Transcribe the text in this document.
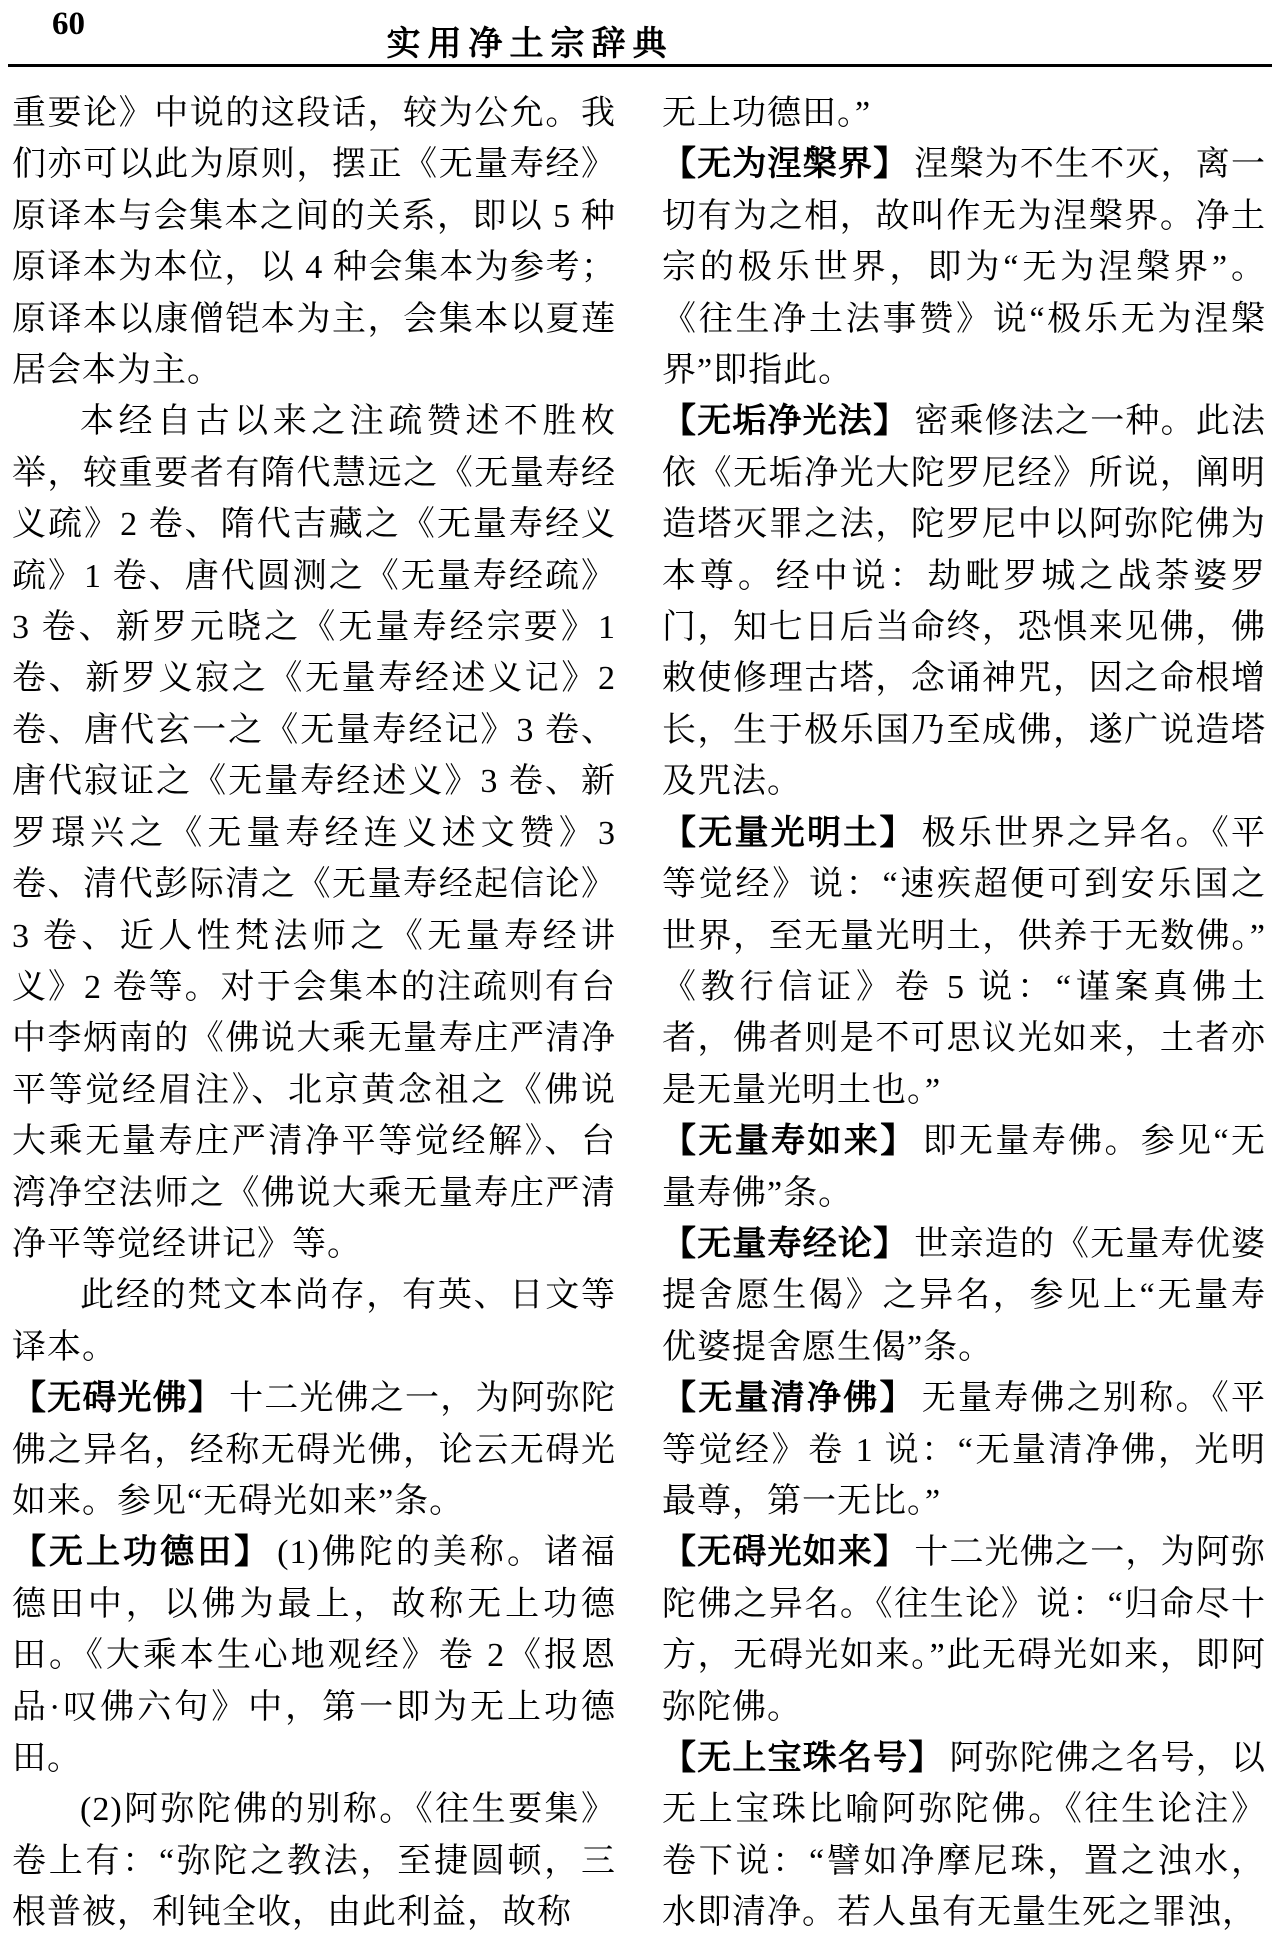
60
实用净土宗辞典

重要论》中说的这段话，较为公允。我们亦可以此为原则，摆正《无量寿经》原译本与会集本之间的关系，即以 5 种原译本为本位，以 4 种会集本为参考；原译本以康僧铠本为主，会集本以夏莲居会本为主。

本经自古以来之注疏赞述不胜枚举，较重要者有隋代慧远之《无量寿经义疏》2 卷、隋代吉藏之《无量寿经义疏》1 卷、唐代圆测之《无量寿经疏》3 卷、新罗元晓之《无量寿经宗要》1 卷、新罗义寂之《无量寿经述义记》2 卷、唐代玄一之《无量寿经记》3 卷、唐代寂证之《无量寿经述义》3 卷、新罗璟兴之《无量寿经连义述文赞》3 卷、清代彭际清之《无量寿经起信论》3 卷、近人性梵法师之《无量寿经讲义》2 卷等。对于会集本的注疏则有台中李炳南的《佛说大乘无量寿庄严清净平等觉经眉注》、北京黄念祖之《佛说大乘无量寿庄严清净平等觉经解》、台湾净空法师之《佛说大乘无量寿庄严清净平等觉经讲记》等。

此经的梵文本尚存，有英、日文等译本。

【无碍光佛】 十二光佛之一，为阿弥陀佛之异名，经称无碍光佛，论云无碍光如来。参见“无碍光如来”条。

【无上功德田】 (1)佛陀的美称。诸福德田中，以佛为最上，故称无上功德田。《大乘本生心地观经》卷 2《报恩品·叹佛六句》中，第一即为无上功德田。

(2)阿弥陀佛的别称。《往生要集》卷上有：“弥陀之教法，至捷圆顿，三根普被，利钝全收，由此利益，故称

无上功德田。”

【无为涅槃界】 涅槃为不生不灭，离一切有为之相，故叫作无为涅槃界。净土宗的极乐世界，即为“无为涅槃界”。《往生净土法事赞》说“极乐无为涅槃界”即指此。

【无垢净光法】 密乘修法之一种。此法依《无垢净光大陀罗尼经》所说，阐明造塔灭罪之法，陀罗尼中以阿弥陀佛为本尊。经中说：劫毗罗城之战荼婆罗门，知七日后当命终，恐惧来见佛，佛敕使修理古塔，念诵神咒，因之命根增长，生于极乐国乃至成佛，遂广说造塔及咒法。

【无量光明土】 极乐世界之异名。《平等觉经》说：“速疾超便可到安乐国之世界，至无量光明土，供养于无数佛。”《教行信证》卷 5 说：“谨案真佛土者，佛者则是不可思议光如来，土者亦是无量光明土也。”

【无量寿如来】 即无量寿佛。参见“无量寿佛”条。

【无量寿经论】 世亲造的《无量寿优婆提舍愿生偈》之异名，参见上“无量寿优婆提舍愿生偈”条。

【无量清净佛】 无量寿佛之别称。《平等觉经》卷 1 说：“无量清净佛，光明最尊，第一无比。”

【无碍光如来】 十二光佛之一，为阿弥陀佛之异名。《往生论》说：“归命尽十方，无碍光如来。”此无碍光如来，即阿弥陀佛。

【无上宝珠名号】 阿弥陀佛之名号，以无上宝珠比喻阿弥陀佛。《往生论注》卷下说：“譬如净摩尼珠，置之浊水，水即清净。若人虽有无量生死之罪浊，
